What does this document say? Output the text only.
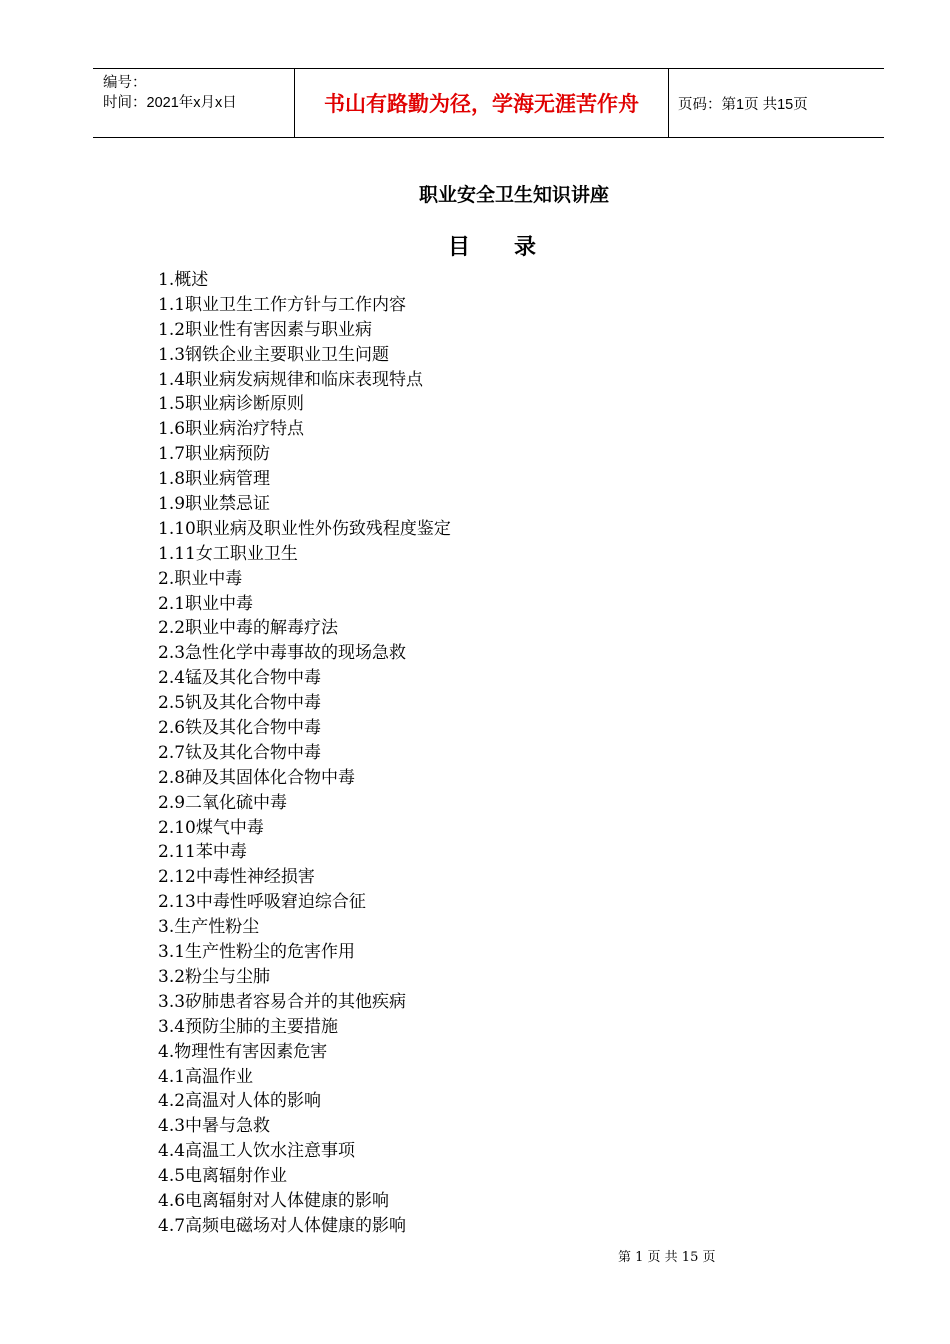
编号：
时间：2021年x月x日	书山有路勤为径，学海无涯苦作舟	页码：第1页 共15页
职业安全卫生知识讲座
目录
1.概述
1.1职业卫生工作方针与工作内容
1.2职业性有害因素与职业病
1.3钢铁企业主要职业卫生问题
1.4职业病发病规律和临床表现特点
1.5职业病诊断原则
1.6职业病治疗特点
1.7职业病预防
1.8职业病管理
1.9职业禁忌证
1.10职业病及职业性外伤致残程度鉴定
1.11女工职业卫生
2.职业中毒
2.1职业中毒
2.2职业中毒的解毒疗法
2.3急性化学中毒事故的现场急救
2.4锰及其化合物中毒
2.5钒及其化合物中毒
2.6铁及其化合物中毒
2.7钛及其化合物中毒
2.8砷及其固体化合物中毒
2.9二氧化硫中毒
2.10煤气中毒
2.11苯中毒
2.12中毒性神经损害
2.13中毒性呼吸窘迫综合征
3.生产性粉尘
3.1生产性粉尘的危害作用
3.2粉尘与尘肺
3.3矽肺患者容易合并的其他疾病
3.4预防尘肺的主要措施
4.物理性有害因素危害
4.1高温作业
4.2高温对人体的影响
4.3中暑与急救
4.4高温工人饮水注意事项
4.5电离辐射作业
4.6电离辐射对人体健康的影响
4.7高频电磁场对人体健康的影响
第 1 页 共 15 页
